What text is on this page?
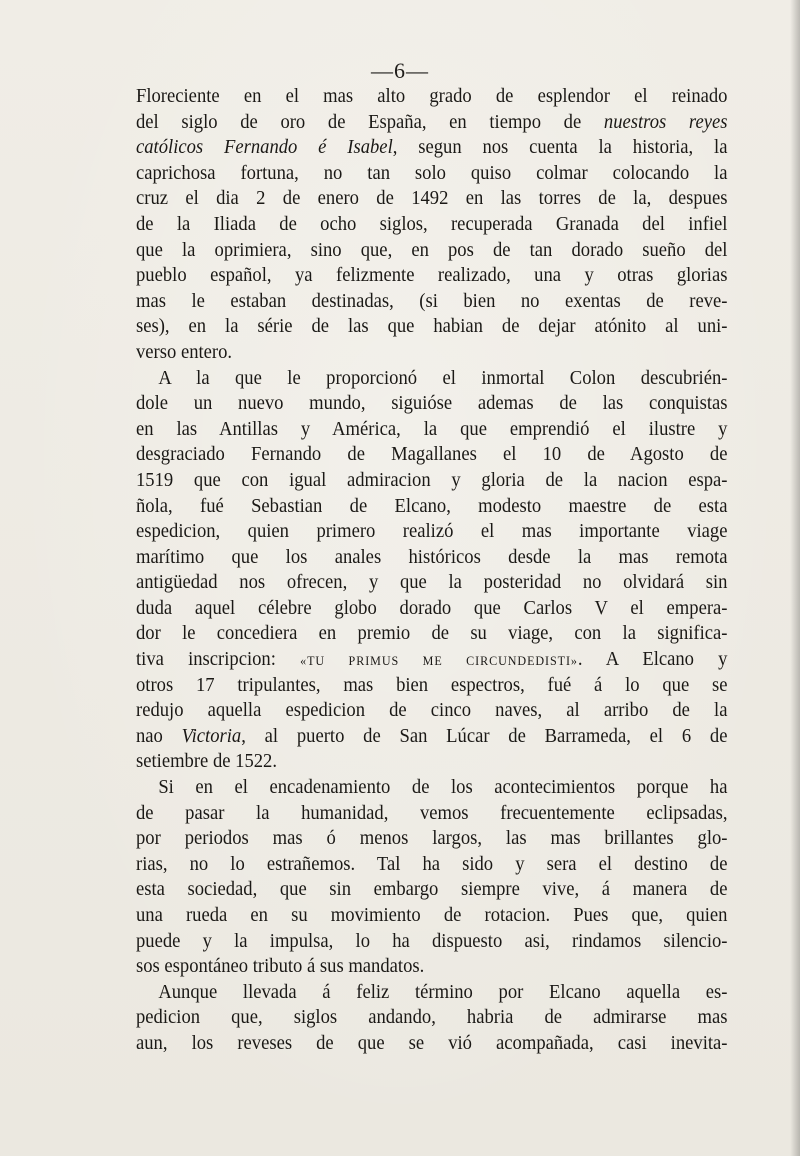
—6—
Floreciente en el mas alto grado de esplendor el reinado
del siglo de oro de España, en tiempo de nuestros reyes
católicos Fernando é Isabel, segun nos cuenta la historia, la
caprichosa fortuna, no tan solo quiso colmar colocando la
cruz el dia 2 de enero de 1492 en las torres de la, despues
de la Iliada de ocho siglos, recuperada Granada del infiel
que la oprimiera, sino que, en pos de tan dorado sueño del
pueblo español, ya felizmente realizado, una y otras glorias
mas le estaban destinadas, (si bien no exentas de reve-
ses), en la série de las que habian de dejar atónito al uni-
verso entero.
A la que le proporcionó el inmortal Colon descubrién-
dole un nuevo mundo, siguióse ademas de las conquistas
en las Antillas y América, la que emprendió el ilustre y
desgraciado Fernando de Magallanes el 10 de Agosto de
1519 que con igual admiracion y gloria de la nacion espa-
ñola, fué Sebastian de Elcano, modesto maestre de esta
espedicion, quien primero realizó el mas importante viage
marítimo que los anales históricos desde la mas remota
antigüedad nos ofrecen, y que la posteridad no olvidará sin
duda aquel célebre globo dorado que Carlos V el empera-
dor le concediera en premio de su viage, con la significa-
tiva inscripcion: «TU PRIMUS ME CIRCUNDEDISTI». A Elcano y
otros 17 tripulantes, mas bien espectros, fué á lo que se
redujo aquella espedicion de cinco naves, al arribo de la
nao Victoria, al puerto de San Lúcar de Barrameda, el 6 de
setiembre de 1522.
Si en el encadenamiento de los acontecimientos porque ha
de pasar la humanidad, vemos frecuentemente eclipsadas,
por periodos mas ó menos largos, las mas brillantes glo-
rias, no lo estrañemos. Tal ha sido y sera el destino de
esta sociedad, que sin embargo siempre vive, á manera de
una rueda en su movimiento de rotacion. Pues que, quien
puede y la impulsa, lo ha dispuesto asi, rindamos silencio-
sos espontáneo tributo á sus mandatos.
Aunque llevada á feliz término por Elcano aquella es-
pedicion que, siglos andando, habria de admirarse mas
aun, los reveses de que se vió acompañada, casi inevita-
